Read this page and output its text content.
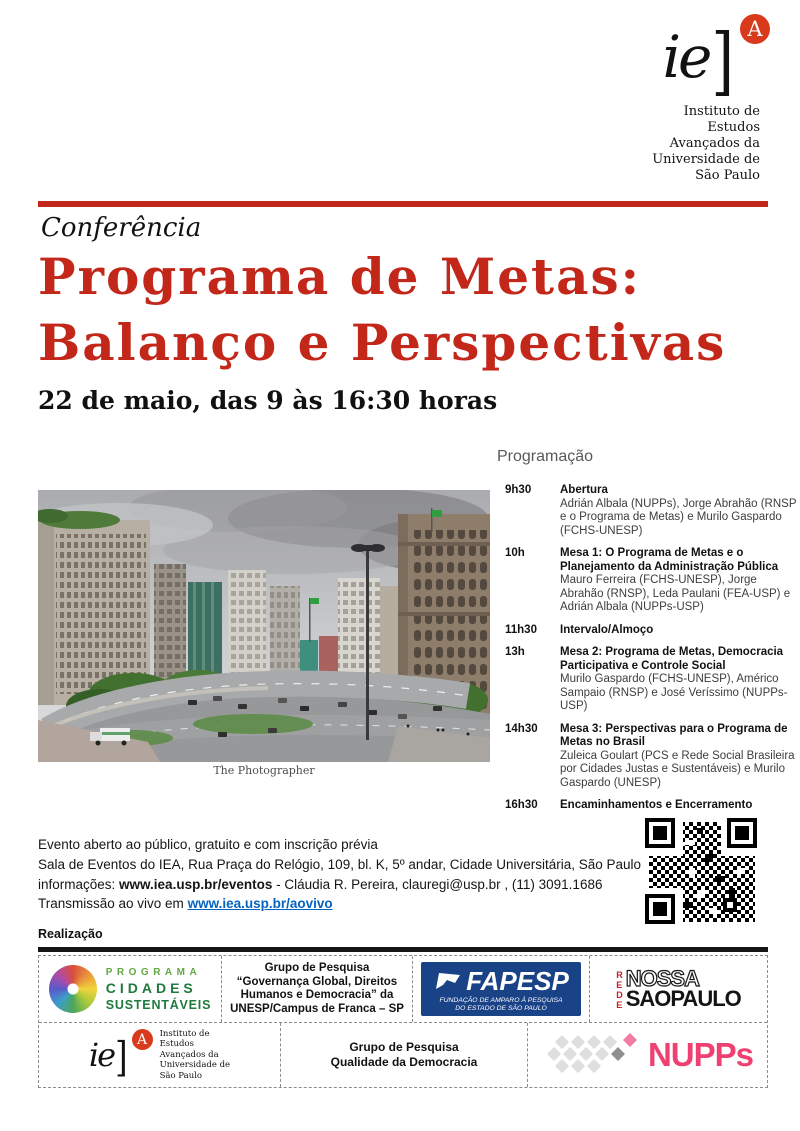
ie] A
Instituto de
Estudos
Avançados da
Universidade de
São Paulo
Conferência
Programa de Metas:
Balanço e Perspectivas
22 de maio, das 9 às 16:30 horas
Programação
9h30	Abertura
Adrián Albala (NUPPs), Jorge Abrahão (RNSP e o Programa de Metas) e Murilo Gaspardo (FCHS-UNESP)
10h	Mesa 1: O Programa de Metas e o Planejamento da Administração Pública
Mauro Ferreira (FCHS-UNESP), Jorge Abrahão (RNSP), Leda Paulani (FEA-USP) e Adrián Albala (NUPPs-USP)
11h30	Intervalo/Almoço
13h	Mesa 2: Programa de Metas, Democracia Participativa e Controle Social
Murilo Gaspardo (FCHS-UNESP), Américo Sampaio (RNSP) e José Veríssimo (NUPPs-USP)
14h30	Mesa 3: Perspectivas para o Programa de Metas no Brasil
Zuleica Goulart (PCS e Rede Social Brasileira por Cidades Justas e Sustentáveis) e Murilo Gaspardo (UNESP)
16h30	Encaminhamentos e Encerramento
The Photographer
Evento aberto ao público, gratuito e com inscrição prévia
Sala de Eventos do IEA, Rua Praça do Relógio, 109, bl. K, 5º andar, Cidade Universitária, São Paulo
informações: www.iea.usp.br/eventos - Cláudia R. Pereira, clauregi@usp.br , (11) 3091.1686
Transmissão ao vivo em www.iea.usp.br/aovivo
Realização
PROGRAMA
CIDADES
SUSTENTÁVEIS
Grupo de Pesquisa
“Governança Global, Direitos
Humanos e Democracia” da
UNESP/Campus de Franca – SP
FAPESP
FUNDAÇÃO DE AMPARO À PESQUISA
DO ESTADO DE SÃO PAULO
R
E
D
E
NOSSA
SAOPAULO
ie] A	Instituto de
Estudos
Avançados da
Universidade de
São Paulo
Grupo de Pesquisa
Qualidade da Democracia	NUPPs
